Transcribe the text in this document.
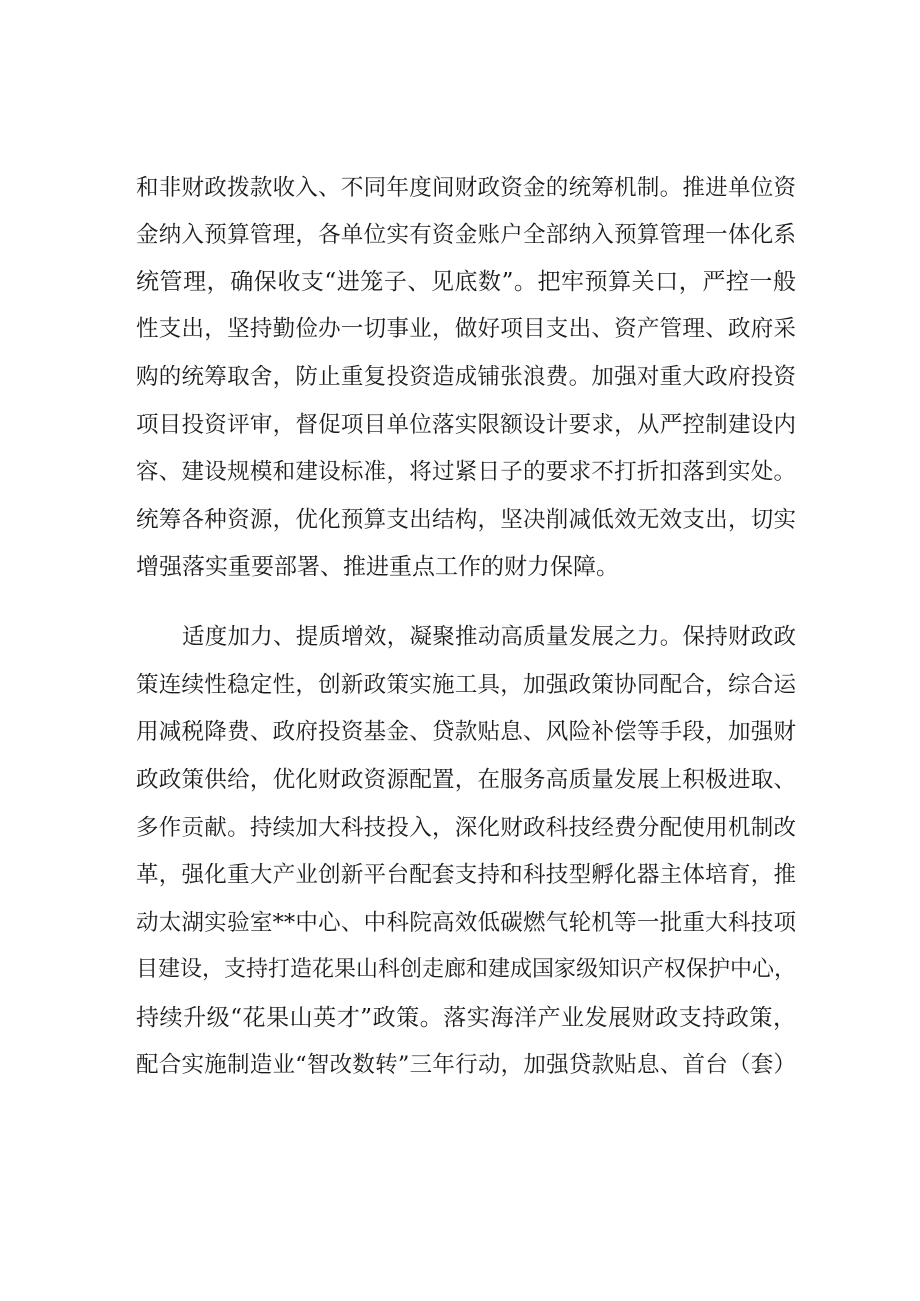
和非财政拨款收入、不同年度间财政资金的统筹机制。推进单位资
金纳入预算管理，各单位实有资金账户全部纳入预算管理一体化系
统管理，确保收支“进笼子、见底数”。把牢预算关口，严控一般
性支出，坚持勤俭办一切事业，做好项目支出、资产管理、政府采
购的统筹取舍，防止重复投资造成铺张浪费。加强对重大政府投资
项目投资评审，督促项目单位落实限额设计要求，从严控制建设内
容、建设规模和建设标准，将过紧日子的要求不打折扣落到实处。
统筹各种资源，优化预算支出结构，坚决削减低效无效支出，切实
增强落实重要部署、推进重点工作的财力保障。
适度加力、提质增效，凝聚推动高质量发展之力。保持财政政
策连续性稳定性，创新政策实施工具，加强政策协同配合，综合运
用减税降费、政府投资基金、贷款贴息、风险补偿等手段，加强财
政政策供给，优化财政资源配置，在服务高质量发展上积极进取、
多作贡献。持续加大科技投入，深化财政科技经费分配使用机制改
革，强化重大产业创新平台配套支持和科技型孵化器主体培育，推
动太湖实验室**中心、中科院高效低碳燃气轮机等一批重大科技项
目建设，支持打造花果山科创走廊和建成国家级知识产权保护中心，
持续升级“花果山英才”政策。落实海洋产业发展财政支持政策，
配合实施制造业“智改数转”三年行动，加强贷款贴息、首台（套）
